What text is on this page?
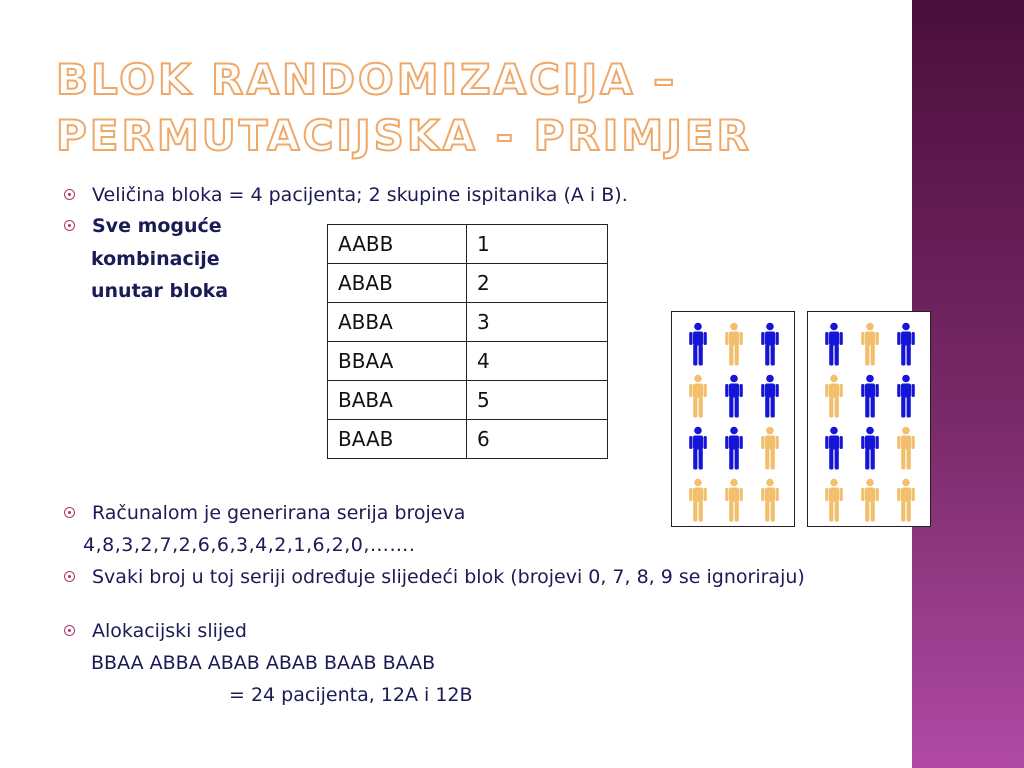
BLOK RANDOMIZACIJA –
PERMUTACIJSKA - PRIMJER
Veličina bloka = 4 pacijenta; 2 skupine ispitanika (A i B).
Sve moguće
kombinacije
unutar bloka
AABB	1
ABAB	2
ABBA	3
BBAA	4
BABA	5
BAAB	6
Računalom je generirana serija brojeva
4,8,3,2,7,2,6,6,3,4,2,1,6,2,0,…….
Svaki broj u toj seriji određuje slijedeći blok (brojevi 0, 7, 8, 9 se ignoriraju)
Alokacijski slijed
BBAA ABBA ABAB ABAB BAAB BAAB
= 24 pacijenta, 12A i 12B
